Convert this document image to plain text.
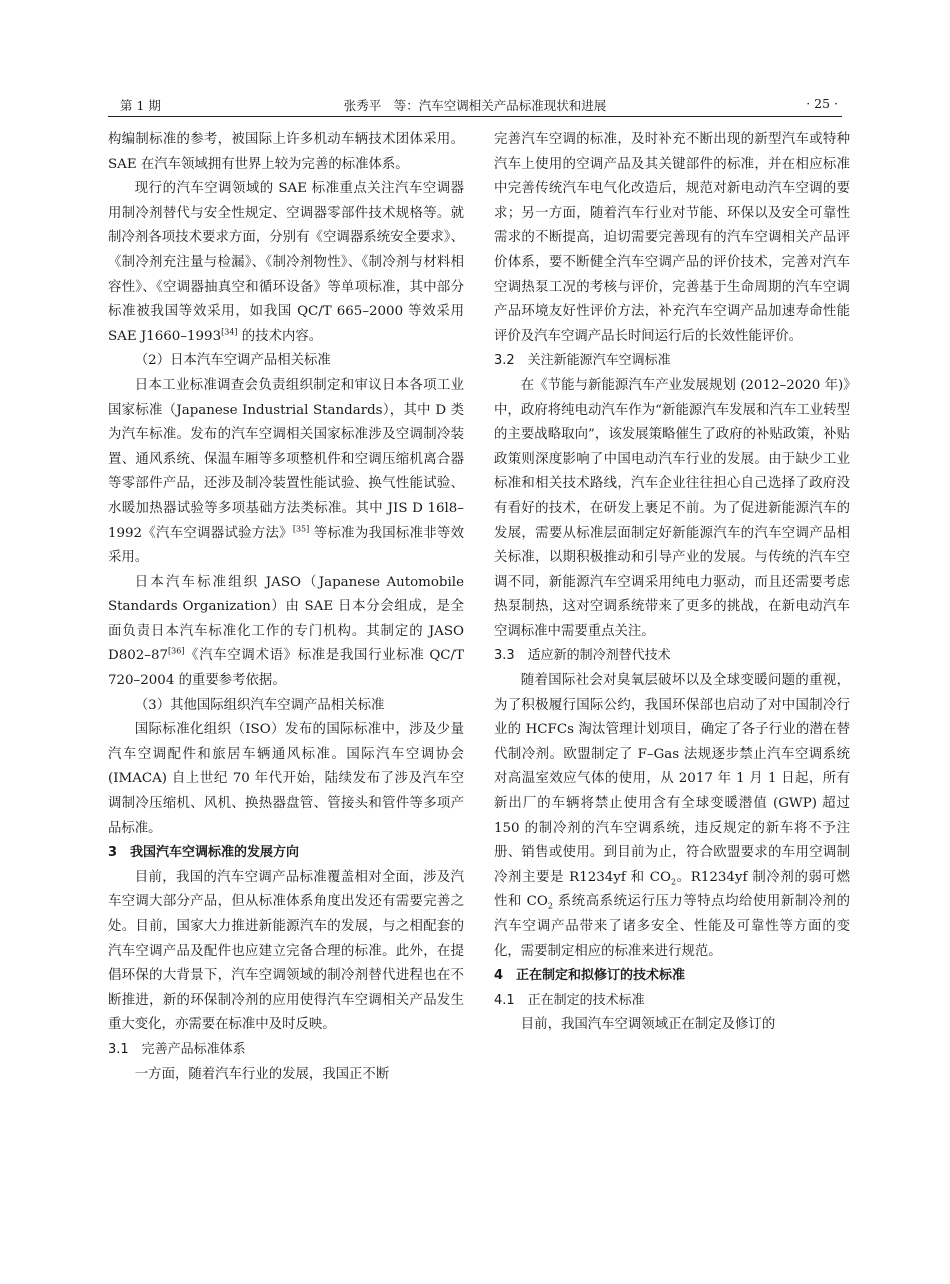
第 1 期	张秀平　等：汽车空调相关产品标准现状和进展	· 25 ·

构编制标准的参考，被国际上许多机动车辆技术团体采用。SAE 在汽车领域拥有世界上较为完善的标准体系。

现行的汽车空调领域的 SAE 标准重点关注汽车空调器用制冷剂替代与安全性规定、空调器零部件技术规格等。就制冷剂各项技术要求方面，分别有《空调器系统安全要求》、《制冷剂充注量与检漏》、《制冷剂物性》、《制冷剂与材料相容性》、《空调器抽真空和循环设备》等单项标准，其中部分标准被我国等效采用，如我国 QC/T 665–2000 等效采用 SAE J1660–1993[34] 的技术内容。

（2）日本汽车空调产品相关标准

日本工业标准调查会负责组织制定和审议日本各项工业国家标准（Japanese Industrial Standards），其中 D 类为汽车标准。发布的汽车空调相关国家标准涉及空调制冷装置、通风系统、保温车厢等多项整机件和空调压缩机离合器等零部件产品，还涉及制冷装置性能试验、换气性能试验、水暖加热器试验等多项基础方法类标准。其中 JIS D 16l8–1992《汽车空调器试验方法》[35] 等标准为我国标准非等效采用。

日本汽车标准组织 JASO（Japanese Automobile Standards Organization）由 SAE 日本分会组成，是全面负责日本汽车标准化工作的专门机构。其制定的 JASO D802–87[36]《汽车空调术语》标准是我国行业标准 QC/T 720–2004 的重要参考依据。

（3）其他国际组织汽车空调产品相关标准

国际标准化组织（ISO）发布的国际标准中，涉及少量汽车空调配件和旅居车辆通风标准。国际汽车空调协会 (IMACA) 自上世纪 70 年代开始，陆续发布了涉及汽车空调制冷压缩机、风机、换热器盘管、管接头和管件等多项产品标准。

3　我国汽车空调标准的发展方向

目前，我国的汽车空调产品标准覆盖相对全面，涉及汽车空调大部分产品，但从标准体系角度出发还有需要完善之处。目前，国家大力推进新能源汽车的发展，与之相配套的汽车空调产品及配件也应建立完备合理的标准。此外，在提倡环保的大背景下，汽车空调领域的制冷剂替代进程也在不断推进，新的环保制冷剂的应用使得汽车空调相关产品发生重大变化，亦需要在标准中及时反映。

3.1　完善产品标准体系

一方面，随着汽车行业的发展，我国正不断

完善汽车空调的标准，及时补充不断出现的新型汽车或特种汽车上使用的空调产品及其关键部件的标准，并在相应标准中完善传统汽车电气化改造后，规范对新电动汽车空调的要求；另一方面，随着汽车行业对节能、环保以及安全可靠性需求的不断提高，迫切需要完善现有的汽车空调相关产品评价体系，要不断健全汽车空调产品的评价技术，完善对汽车空调热泵工况的考核与评价，完善基于生命周期的汽车空调产品环境友好性评价方法，补充汽车空调产品加速寿命性能评价及汽车空调产品长时间运行后的长效性能评价。

3.2　关注新能源汽车空调标准

在《节能与新能源汽车产业发展规划 (2012–2020 年)》中，政府将纯电动汽车作为“新能源汽车发展和汽车工业转型的主要战略取向”，该发展策略催生了政府的补贴政策，补贴政策则深度影响了中国电动汽车行业的发展。由于缺少工业标准和相关技术路线，汽车企业往往担心自己选择了政府没有看好的技术，在研发上裹足不前。为了促进新能源汽车的发展，需要从标准层面制定好新能源汽车的汽车空调产品相关标准，以期积极推动和引导产业的发展。与传统的汽车空调不同，新能源汽车空调采用纯电力驱动，而且还需要考虑热泵制热，这对空调系统带来了更多的挑战，在新电动汽车空调标准中需要重点关注。

3.3　适应新的制冷剂替代技术

随着国际社会对臭氧层破坏以及全球变暖问题的重视，为了积极履行国际公约，我国环保部也启动了对中国制冷行业的 HCFCs 淘汰管理计划项目，确定了各子行业的潜在替代制冷剂。欧盟制定了 F–Gas 法规逐步禁止汽车空调系统对高温室效应气体的使用，从 2017 年 1 月 1 日起，所有新出厂的车辆将禁止使用含有全球变暖潜值 (GWP) 超过 150 的制冷剂的汽车空调系统，违反规定的新车将不予注册、销售或使用。到目前为止，符合欧盟要求的车用空调制冷剂主要是 R1234yf 和 $CO_2$。R1234yf 制冷剂的弱可燃性和 $CO_2$ 系统高系统运行压力等特点均给使用新制冷剂的汽车空调产品带来了诸多安全、性能及可靠性等方面的变化，需要制定相应的标准来进行规范。

4　正在制定和拟修订的技术标准

4.1　正在制定的技术标准

目前，我国汽车空调领域正在制定及修订的
